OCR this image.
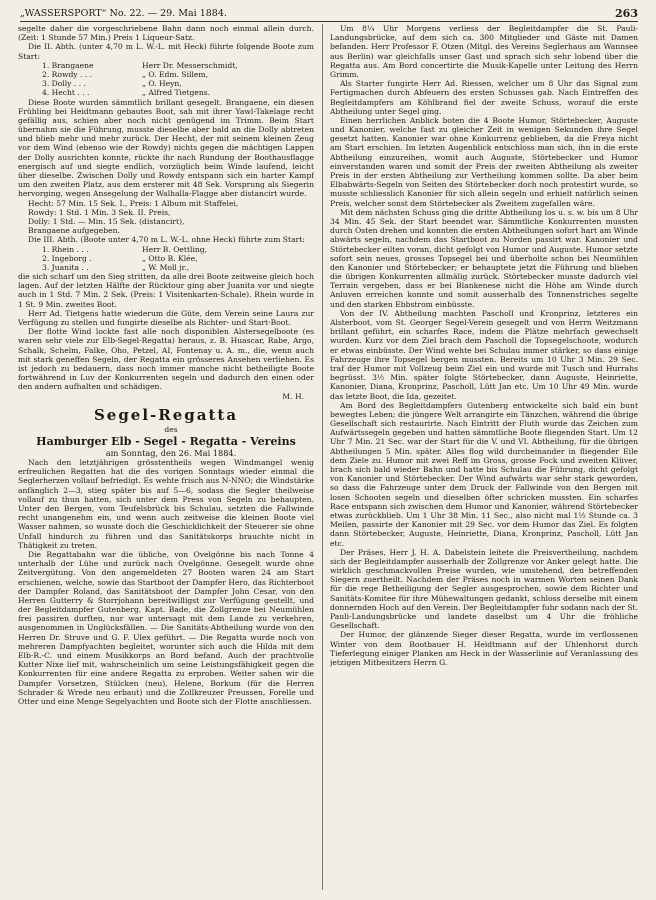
„WASSERSPORT“ No. 22. — 29. Mai 1884.	263

segelte daher die vorgeschriebene Bahn dann noch einmal allein durch. (Zeit: 1 Stunde 57 Min.) Preis 1 Liqueur-Satz.

Die II. Abth. (unter 4,70 m L. W.-L. mit Heck) führte folgende Boote zum Start:

1. Brangaene	Herr Dr. Messerschmidt,
2. Rowdy . . .	„ O. Edm. Sillem,
3. Dolly . . .	„ O. Heyn,
4. Hecht . . .	„ Alfred Tietgens.

Diese Boote wurden sämmtlich brillant gesegelt. Brangaene, ein diesen Frühling bei Heidtmann gebautes Boot, sah mit ihrer Yawl-Takelage recht gefällig aus, schien aber noch nicht genügend im Trimm. Beim Start übernahm sie die Führung, musste dieselbe aber bald an die Dolly abtreten und blieb mehr und mehr zurück. Der Hecht, der mit seinem kleinen Zeug vor dem Wind (ebenso wie der Rowdy) nichts gegen die mächtigen Lappen der Dolly ausrichten konnte, rückte ihr nach Rundung der Boothausflagge energisch auf und siegte endlich, vorzüglich beim Winde laufend, leicht über dieselbe. Zwischen Dolly und Rowdy entspann sich ein harter Kampf um den zweiten Platz, aus dem ersterer mit 48 Sek. Vorsprung als Siegerin hervorging, wegen Ansegelung der Walhalla-Flagge aber distancirt wurde.

Hecht: 57 Min. 15 Sek. I., Preis: 1 Album mit Staffelei,

Rowdy: 1 Std. 1 Min. 3 Sek. II. Preis,

Dolly: 1 Std. — Min. 15 Sek. (distancirt),

Brangaene aufgegeben.

Die III. Abth. (Boote unter 4,70 m L. W.-L. ohne Heck) führte zum Start:

1. Rhein . . .	Herr B. Oettling,
2. Ingeborg .	„ Otto B. Klée,
3. Juanita . .	„ W. Moll jr.,

die sich scharf um den Sieg stritten, da alle drei Boote zeitweise gleich hoch lagen. Auf der letzten Hälfte der Rücktour ging aber Juanita vor und siegte auch in 1 Std. 7 Min. 2 Sek. (Preis: 1 Visitenkarten-Schale). Rhein wurde in 1 St. 9 Min. zweites Boot.

Herr Ad. Tietgens hatte wiederum die Güte, dem Verein seine Laura zur Verfügung zu stellen und fungirte dieselbe als Richter- und Start-Boot.

Der flotte Wind lockte fast alle noch disponiblen Alstersegelboote (es waren sehr viele zur Elb-Segel-Regatta) heraus, z. B. Huascar, Rabe, Argo, Schalk, Schelm, Falke, Oho, Petzel, AI, Fontenay u. A. m., die, wenn auch mit stark geneffen Segeln, der Regatta ein grösseres Ansehen verliehen. Es ist jedoch zu bedauern, dass noch immer manche nicht betheiligte Boote fortwährend in Luv der Konkurrenten segeln und dadurch den einen oder den andern aufhalten und schädigen.

M. H.

Segel-Regatta

des

Hamburger Elb - Segel - Regatta - Vereins

am Sonntag, den 26. Mai 1884.

Nach den letztjährigen grösstentheils wegen Windmangel wenig erfreulichen Regatten hat die des vorigen Sonntags wieder einmal die Seglerherzen vollauf befriedigt. Es wehte frisch aus N-NNO; die Windstärke anfänglich 2—3, stieg später bis auf 5—6, sodass die Segler theilweise vollauf zu thun hatten, sich unter dem Press von Segeln zu behaupten. Unter den Bergen, vom Teufelsbrück bis Schulau, setzten die Fallwinde recht unangenehm ein, und wenn auch zeitweise die kleinen Boote viel Wasser nahmen, so wusste doch die Geschicklichkeit der Steuerer sie ohne Unfall hindurch zu führen und das Sanitätskorps brauchte nicht in Thätigkeit zu treten.

Die Regattabahn war die übliche, von Ovelgönne bis nach Tonne 4 unterhalb der Lühe und zurück nach Ovelgönne. Gesegelt wurde ohne Zeitvergütung. Von den angemeldeten 27 Booten waren 24 am Start erschienen, welche, sowie das Startboot der Dampfer Hero, das Richterboot der Dampfer Roland, das Sanitätsboot der Dampfer John Cesar, von den Herren Gutterry & Storrjohann bereitwilligst zur Verfügung gestellt, und der Begleitdampfer Gutenberg, Kapt. Bade, die Zollgrenze bei Neumühlen frei passiren durften, nur war untersagt mit dem Lande zu verkehren, ausgenommen in Unglücksfällen. — Die Sanitäts-Abtheilung wurde von den Herren Dr. Struve und G. F. Ulex geführt. — Die Regatta wurde noch von mehreren Dampfyachten begleitet, worunter sich auch die Hilda mit dem Elb-R.-C. und einem Musikkorps an Bord befand. Auch der prachtvolle Kutter Nixe lief mit, wahrscheinlich um seine Leistungsfähigkeit gegen die Konkurrenten für eine andere Regatta zu erproben. Weiter sahen wir die Dampfer Vorsetzen, Stülcken (neu), Helene, Borkum (für die Herren Schrader & Wrede neu erbaut) und die Zollkreuzer Preussen, Forelle und Otter und eine Menge Segelyachten und Boote sich der Flotte anschliessen.

Um 8¼ Uhr Morgens verliess der Begleitdampfer die St. Pauli-Landungsbrücke, auf dem sich ca. 300 Mitglieder und Gäste mit Damen befanden. Herr Professor F. Otzen (Mitgl. des Vereins Seglerhaus am Wannsee aus Berlin) war gleichfalls unser Gast und sprach sich sehr lobend über die Regatta aus. Am Bord concertirte die Musik-Kapelle unter Leitung des Herrn Grimm.

Als Starter fungirte Herr Ad. Riessen, welcher um 8 Uhr das Signal zum Fertigmachen durch Abfeuern des ersten Schusses gab. Nach Eintreffen des Begleitdampfers am Köhlbrand fiel der zweite Schuss, worauf die erste Abtheilung unter Segel ging.

Einen herrlichen Anblick boten die 4 Boote Humor, Störtebecker, Auguste und Kanonier, welche fast zu gleicher Zeit in wenigen Sekunden ihre Segel gesetzt hatten. Kanonier war ohne Konkurrenz geblieben, da die Freya nicht am Start erschien. Im letzten Augenblick entschloss man sich, ihn in die erste Abtheilung einzureihen, womit auch Auguste, Störtebecker und Humor einverstanden waren und somit der Preis der zweiten Abtheilung als zweiter Preis in der ersten Abtheilung zur Vertheilung kommen sollte. Da aber beim Elbabwärts-Segeln von Seiten des Störtebecker doch noch protestirt wurde, so musste schliesslich Kanonier für sich allein segeln und erhielt natürlich seinen Preis, welcher sonst dem Störtebecker als Zweitem zugefallen wäre.

Mit dem nächsten Schuss ging die dritte Abtheilung los u. s. w. bis um 8 Uhr 34 Min. 45 Sek. der Start beendet war. Sämmtliche Konkurrenten mussten durch Osten drehen und konnten die ersten Abtheilungen sofort hart am Winde abwärts segeln, nachdem das Startboot zu Norden passirt war. Kanonier und Störtebecker eilten voran, dicht gefolgt von Humor und Auguste. Humor setzte sofort sein neues, grosses Topsegel bei und überholte schon bei Neumühlen den Kanonier und Störtebecker; er behauptete jetzt die Führung und blieben die übrigen Konkurrenten allmälig zurück. Störtebecker musste dadurch viel Terrain vergeben, dass er bei Blankenese nicht die Höhe am Winde durch Anluven erreichen konnte und somit ausserhalb des Tonnenstriches segelte und den starken Ebbstrom einbüsste.

Von der IV. Abtheilung machten Pascholl und Kronprinz, letzteres ein Alsterboot, vom St. Georger Segel-Verein gesegelt und von Herrn Weitzmann brillant geführt, ein scharfes Race, indem die Plätze mehrfach gewechselt wurden. Kurz vor dem Ziel brach dem Pascholl die Topsegelschoote, wodurch er etwas einbüsste. Der Wind wehte bei Schulau immer stärker, so dass einige Fahrzeuge ihre Topsegel bergen mussten. Bereits um 10 Uhr 3 Min. 29 Sec. traf der Humor mit Vollzeug beim Ziel ein und wurde mit Tusch und Hurrahs begrüsst. 3½ Min. später folgte Störtebecker, dann Auguste, Heinriette, Kanonier, Diana, Kronprinz, Pascholl, Lütt Jan etc. Um 10 Uhr 49 Min. wurde das letzte Boot, die Ida, gezeitet.

Am Bord des Begleitdampfers Gutenberg entwickelte sich bald ein bunt bewegtes Leben; die jüngere Welt arrangirte ein Tänzchen, während die übrige Gesellschaft sich restaurirte. Nach Eintritt der Fluth wurde das Zeichen zum Aufwärtssegeln gegeben und hatten sämmtliche Boote fliegenden Start. Um 12 Uhr 7 Min. 21 Sec. war der Start für die V. und VI. Abtheilung, für die übrigen Abtheilungen 5 Min. später. Alles flog wild durcheinander in fliegender Eile dem Ziele zu. Humor mit zwei Reff im Gross, grosse Fock und zweiten Klüver, brach sich bald wieder Bahn und hatte bis Schulau die Führung, dicht gefolgt von Kanonier und Störtebecker. Der Wind aufwärts war sehr stark geworden, so dass die Fahrzeuge unter dem Druck der Fallwinde von den Bergen mit losen Schooten segeln und dieselben öfter schricken mussten. Ein scharfes Race entspann sich zwischen dem Humor und Kanonier, während Störtebecker etwas zurückblieb. Um 1 Uhr 38 Min. 11 Sec., also nicht mal 1½ Stunde ca. 3 Meilen, passirte der Kanonier mit 29 Sec. vor dem Humor das Ziel. Es folgten dann Störtebecker, Auguste, Heinriette, Diana, Kronprinz, Pascholl, Lütt Jan etc.

Der Präses, Herr J. H. A. Dabelstein leitete die Preisvertheilung, nachdem sich der Begleitdampfer ausserhalb der Zollgrenze vor Anker gelegt hatte. Die wirklich geschmackvollen Preise wurden, wie umstehend, den betreffenden Siegern zuertheilt. Nachdem der Präses noch in warmen Worten seinen Dank für die rege Betheiligung der Segler ausgesprochen, sowie dem Richter und Sanitäts-Komitee für ihre Mühewaltungen gedankt, schloss derselbe mit einem donnernden Hoch auf den Verein. Der Begleitdampfer fuhr sodann nach der St. Pauli-Landungsbrücke und landete daselbst um 4 Uhr die fröhliche Gesellschaft.

Der Humor, der glänzende Sieger dieser Regatta, wurde im verflossenen Winter von dem Bootbauer H. Heidtmann auf der Uhlenhorst durch Tieferlegung einiger Planken am Heck in der Wasserlinie auf Veranlassung des jetzigen Mitbesitzers Herrn G.
